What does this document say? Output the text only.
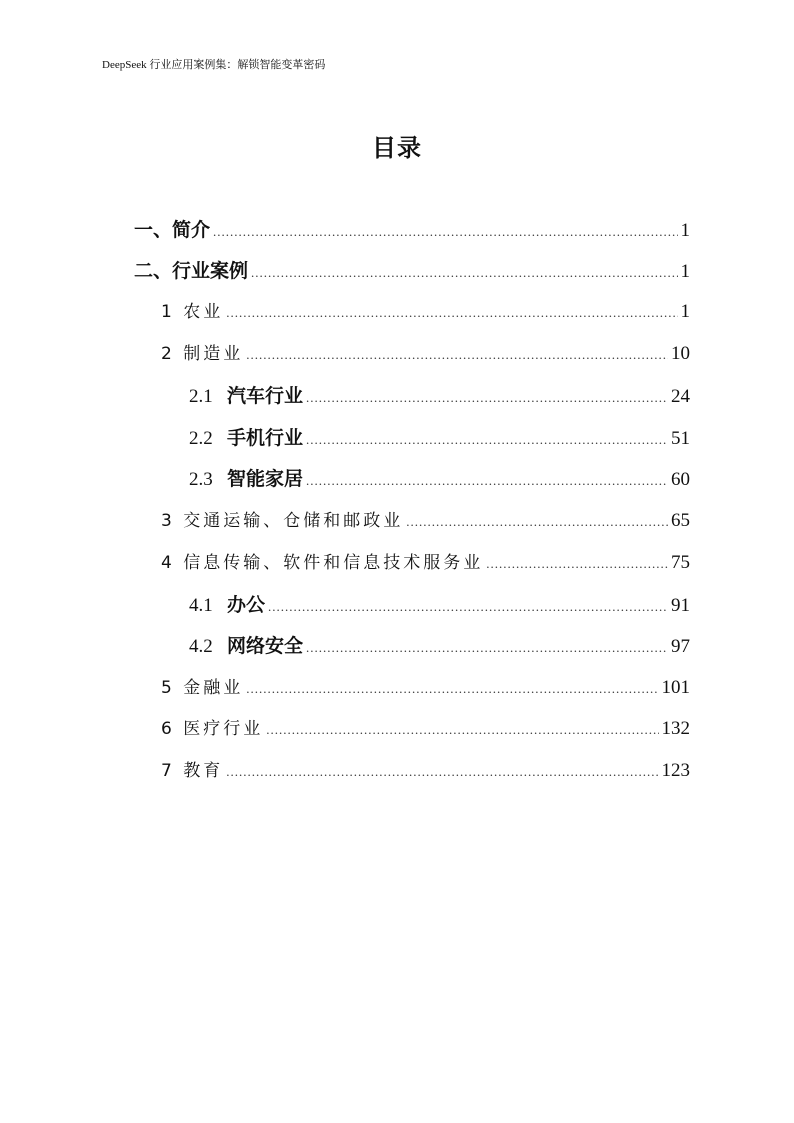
DeepSeek 行业应用案例集：解锁智能变革密码
目录
一、简介 .....	1
二、行业案例 .....	1
1 农业 .....	1
2 制造业 .....	10
2.1 汽车行业 .....	24
2.2 手机行业 .....	51
2.3 智能家居 .....	60
3 交通运输、仓储和邮政业 .....	65
4 信息传输、软件和信息技术服务业 .....	75
4.1 办公 .....	91
4.2 网络安全 .....	97
5 金融业 .....	101
6 医疗行业 .....	132
7 教育 .....	123
